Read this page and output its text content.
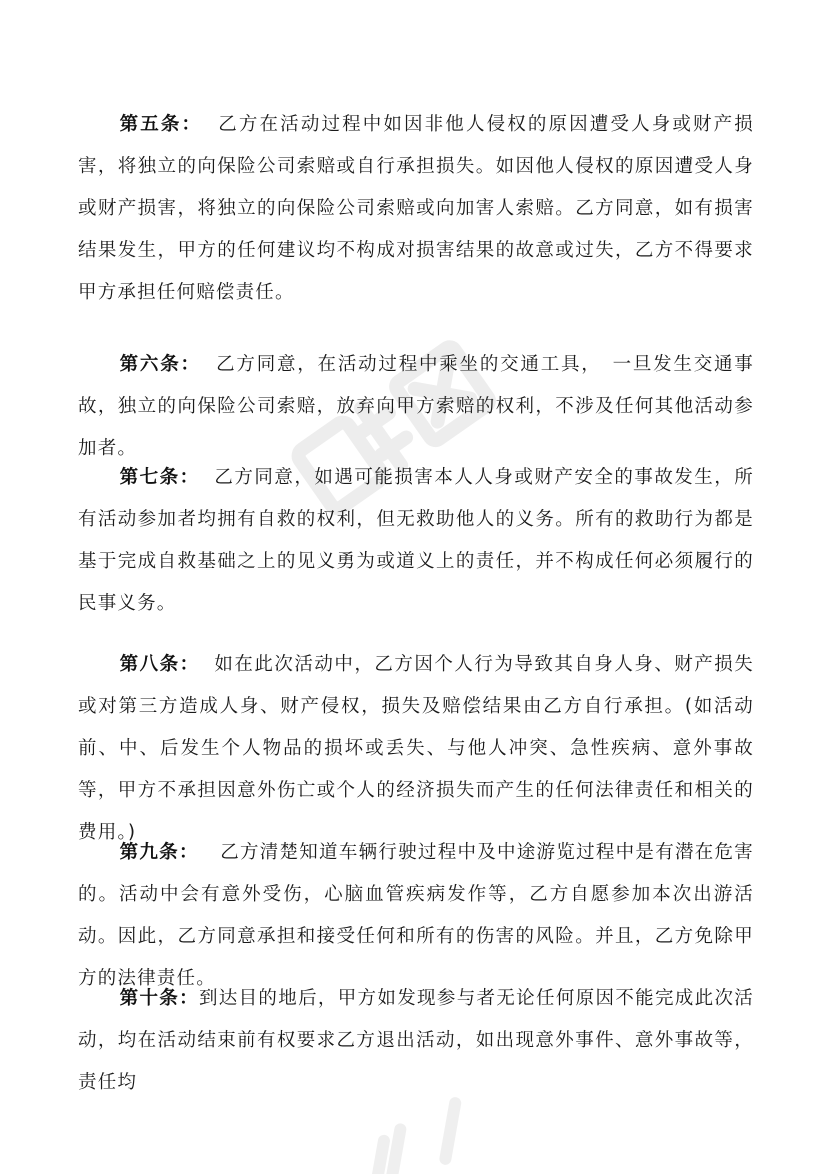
第五条： 乙方在活动过程中如因非他人侵权的原因遭受人身或财产损害，将独立的向保险公司索赔或自行承担损失。如因他人侵权的原因遭受人身或财产损害，将独立的向保险公司索赔或向加害人索赔。乙方同意，如有损害结果发生，甲方的任何建议均不构成对损害结果的故意或过失，乙方不得要求甲方承担任何赔偿责任。

第六条： 乙方同意，在活动过程中乘坐的交通工具，　一旦发生交通事故，独立的向保险公司索赔，放弃向甲方索赔的权利，不涉及任何其他活动参加者。

第七条： 乙方同意，如遇可能损害本人人身或财产安全的事故发生，所有活动参加者均拥有自救的权利，但无救助他人的义务。所有的救助行为都是基于完成自救基础之上的见义勇为或道义上的责任，并不构成任何必须履行的民事义务。

第八条： 如在此次活动中，乙方因个人行为导致其自身人身、财产损失或对第三方造成人身、财产侵权，损失及赔偿结果由乙方自行承担。(如活动前、中、后发生个人物品的损坏或丢失、与他人冲突、急性疾病、意外事故等，甲方不承担因意外伤亡或个人的经济损失而产生的任何法律责任和相关的费用。)

第九条： 乙方清楚知道车辆行驶过程中及中途游览过程中是有潜在危害的。活动中会有意外受伤，心脑血管疾病发作等，乙方自愿参加本次出游活动。因此，乙方同意承担和接受任何和所有的伤害的风险。并且，乙方免除甲方的法律责任。

第十条：到达目的地后，甲方如发现参与者无论任何原因不能完成此次活动，均在活动结束前有权要求乙方退出活动，如出现意外事件、意外事故等，责任均
